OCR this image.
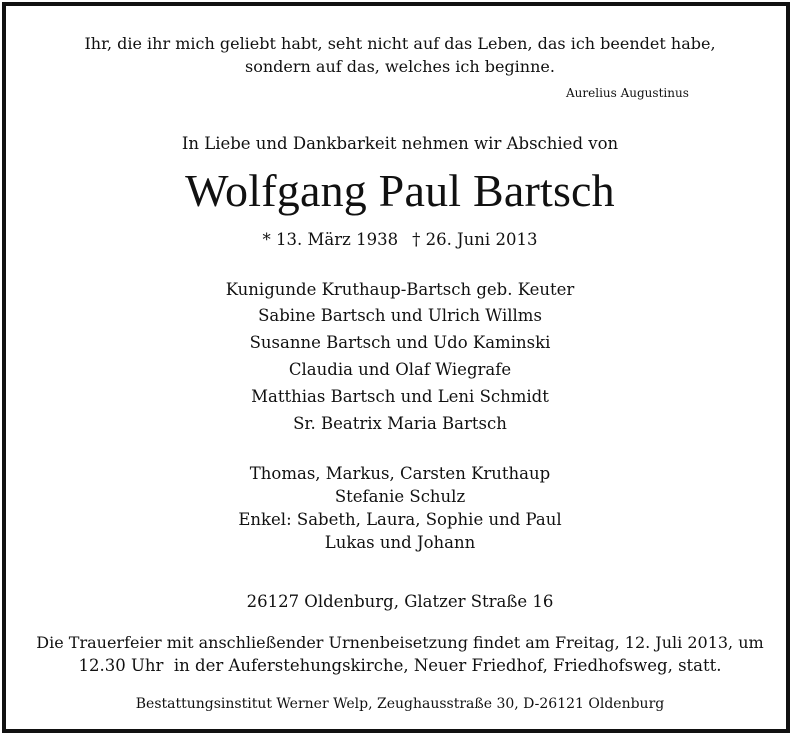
Ihr, die ihr mich geliebt habt, seht nicht auf das Leben, das ich beendet habe,
sondern auf das, welches ich beginne.
Aurelius Augustinus
In Liebe und Dankbarkeit nehmen wir Abschied von
Wolfgang Paul Bartsch
* 13. März 1938 † 26. Juni 2013
Kunigunde Kruthaup-Bartsch geb. Keuter
Sabine Bartsch und Ulrich Willms
Susanne Bartsch und Udo Kaminski
Claudia und Olaf Wiegrafe
Matthias Bartsch und Leni Schmidt
Sr. Beatrix Maria Bartsch
Thomas, Markus, Carsten Kruthaup
Stefanie Schulz
Enkel: Sabeth, Laura, Sophie und Paul
Lukas und Johann
26127 Oldenburg, Glatzer Straße 16
Die Trauerfeier mit anschließender Urnenbeisetzung findet am Freitag, 12. Juli 2013, um
12.30 Uhr  in der Auferstehungskirche, Neuer Friedhof, Friedhofsweg, statt.
Bestattungsinstitut Werner Welp, Zeughausstraße 30, D-26121 Oldenburg
